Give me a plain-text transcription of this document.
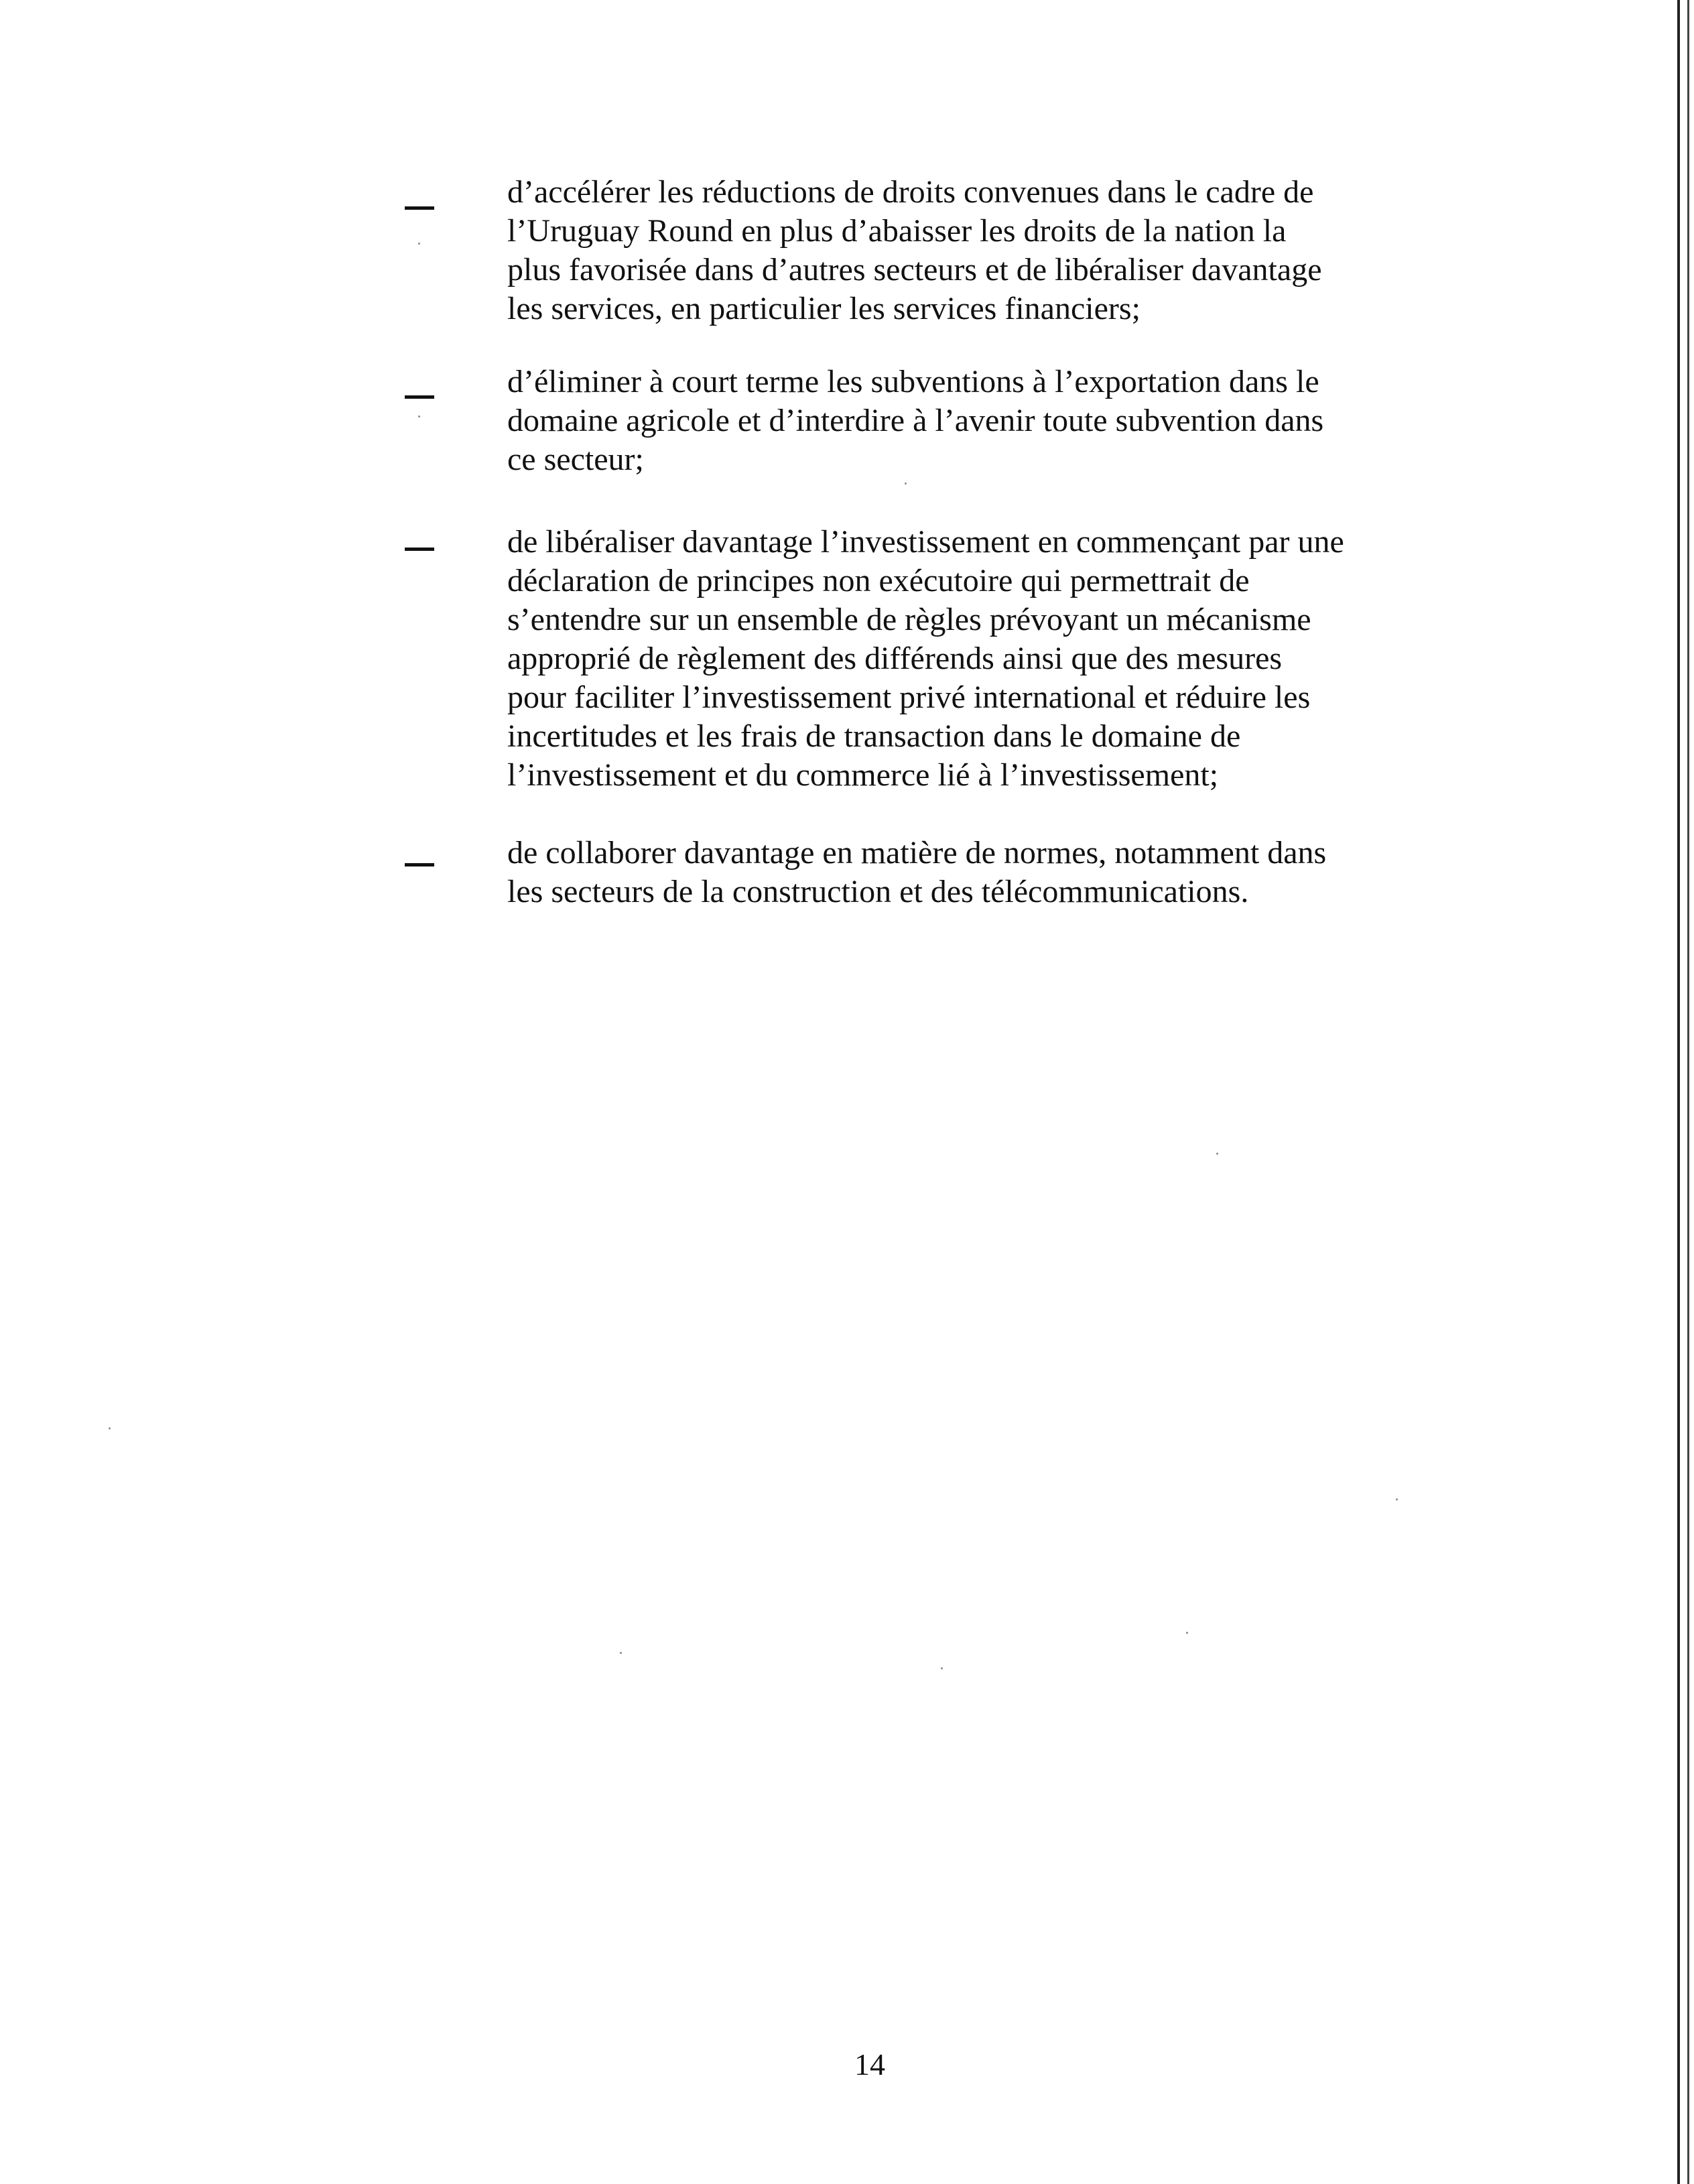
d’accélérer les réductions de droits convenues dans le cadre de
l’Uruguay Round en plus d’abaisser les droits de la nation la
plus favorisée dans d’autres secteurs et de libéraliser davantage
les services, en particulier les services financiers;
d’éliminer à court terme les subventions à l’exportation dans le
domaine agricole et d’interdire à l’avenir toute subvention dans
ce secteur;
de libéraliser davantage l’investissement en commençant par une
déclaration de principes non exécutoire qui permettrait de
s’entendre sur un ensemble de règles prévoyant un mécanisme
approprié de règlement des différends ainsi que des mesures
pour faciliter l’investissement privé international et réduire les
incertitudes et les frais de transaction dans le domaine de
l’investissement et du commerce lié à l’investissement;
de collaborer davantage en matière de normes, notamment dans
les secteurs de la construction et des télécommunications.
14
